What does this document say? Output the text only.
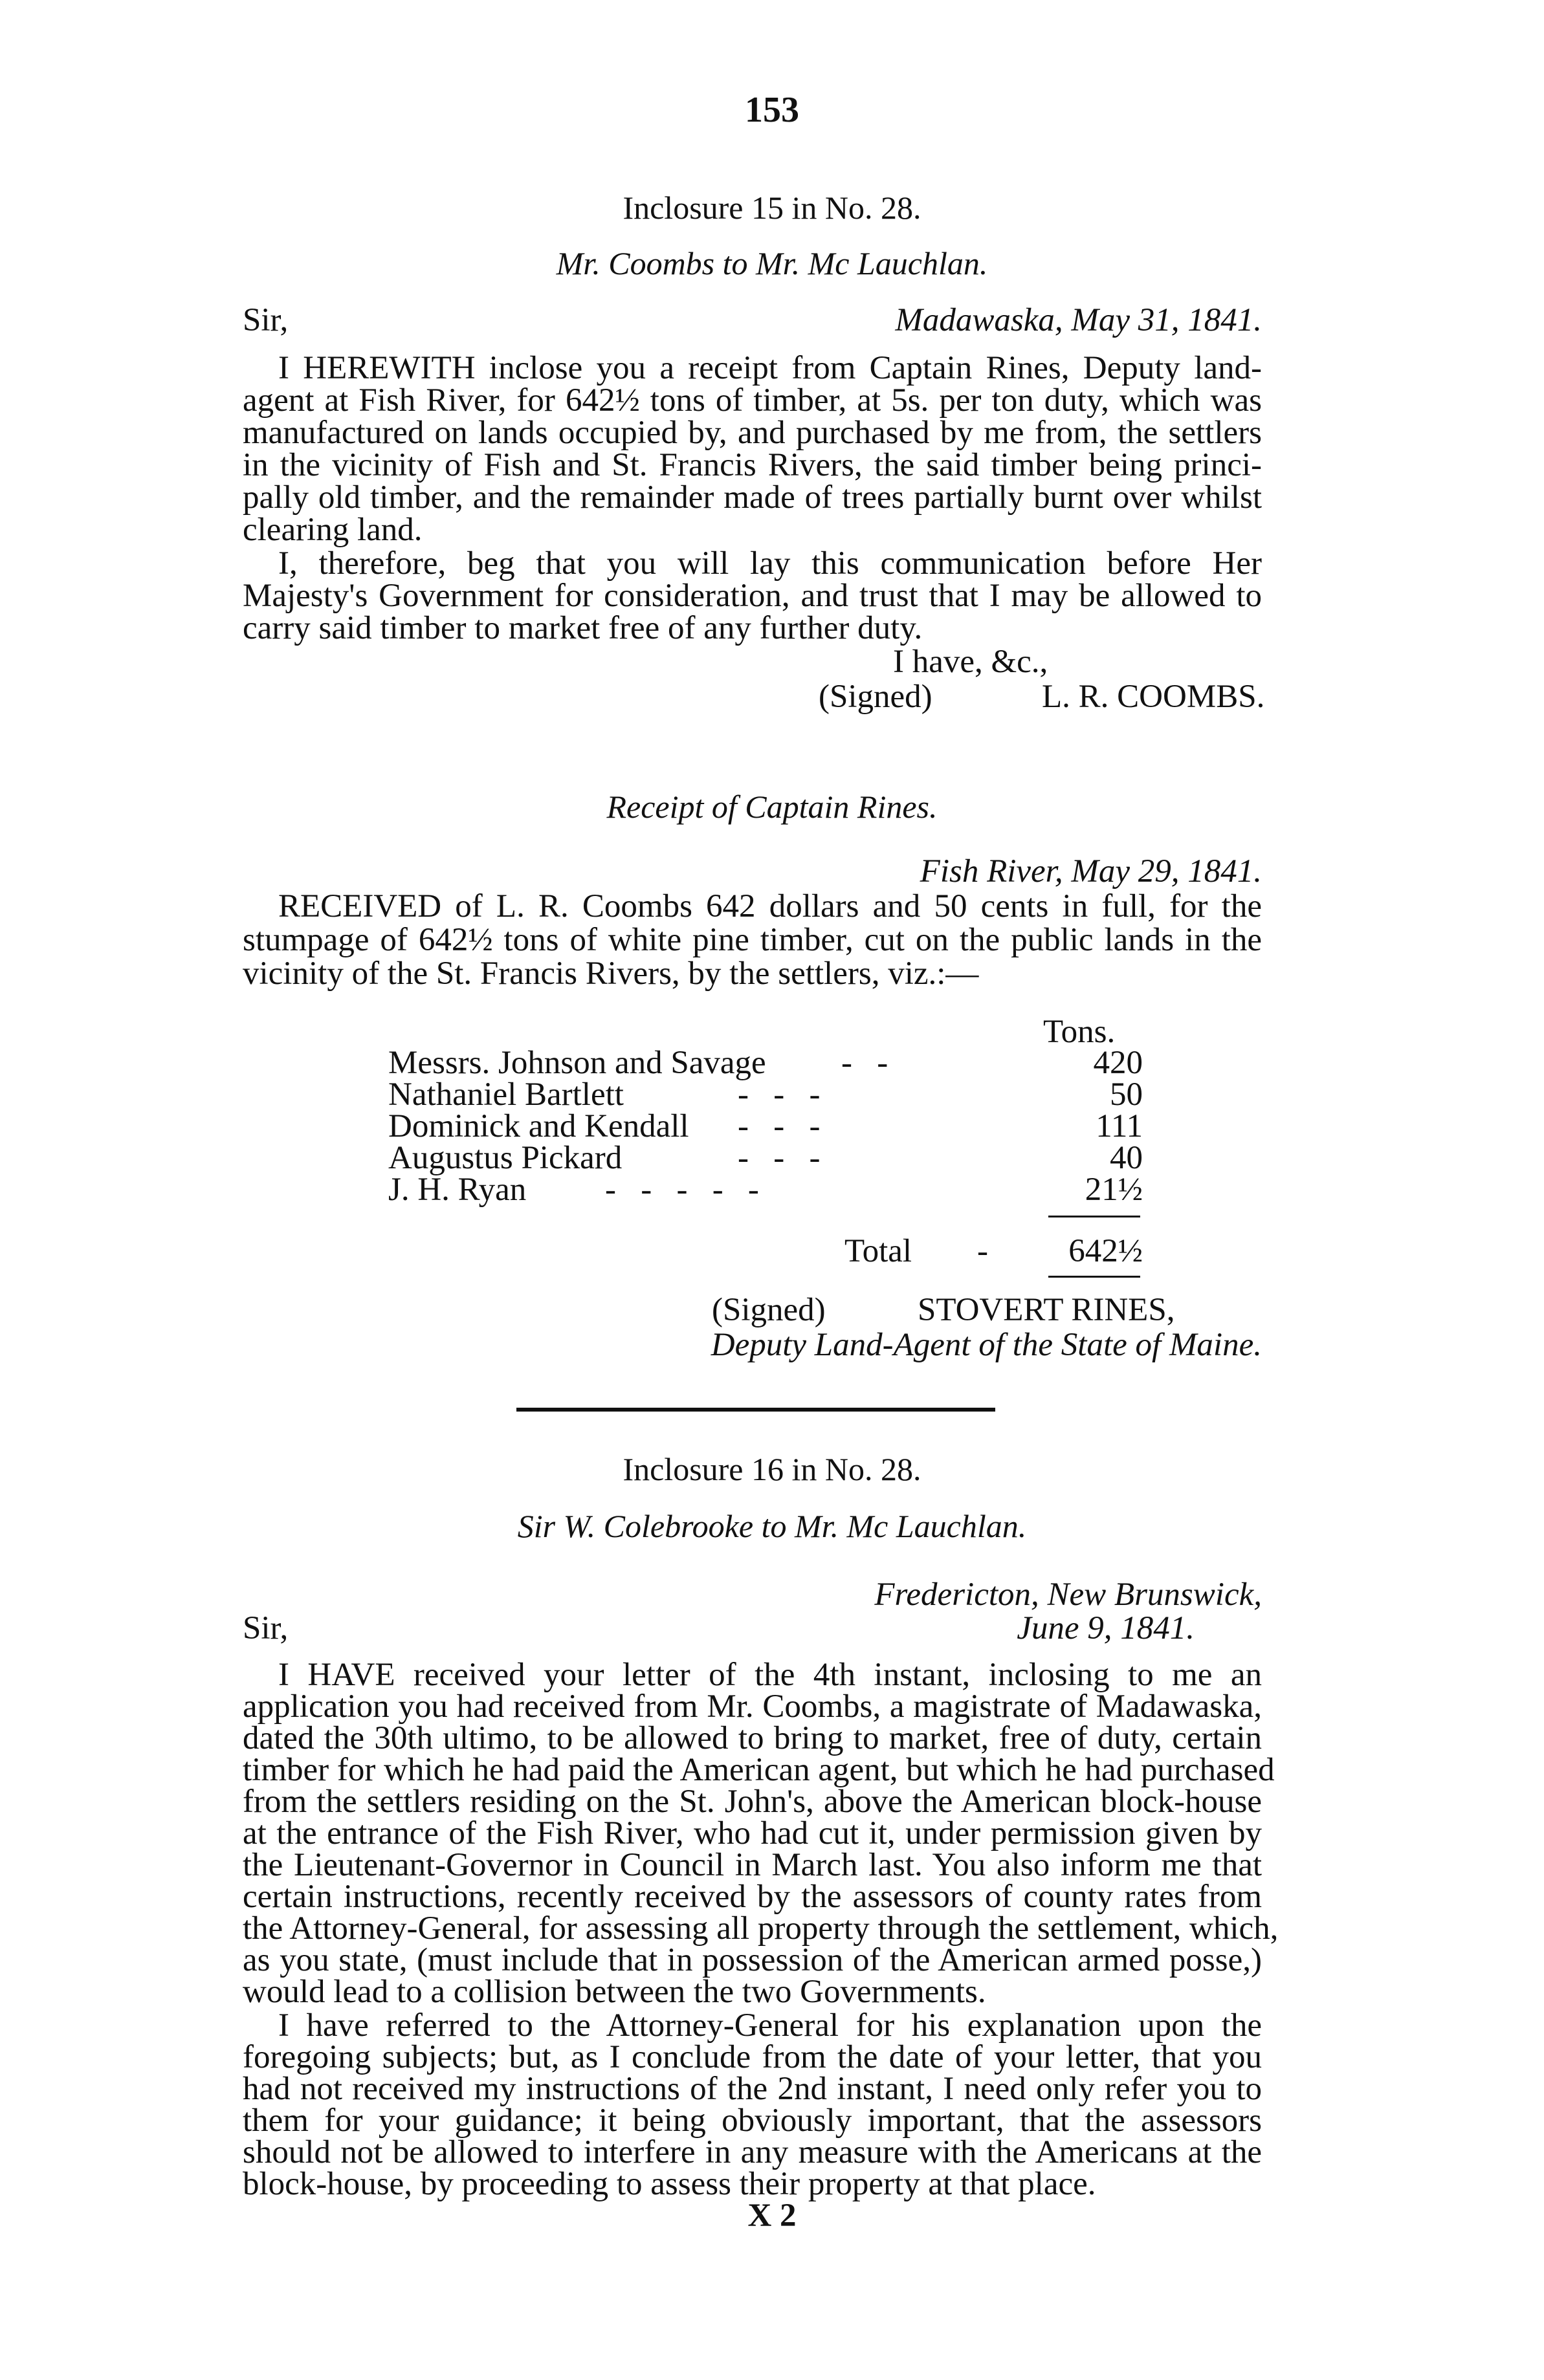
153
Inclosure 15 in No. 28.
Mr. Coombs to Mr. Mc Lauchlan.
Sir,	Madawaska, May 31, 1841.
I HEREWITH inclose you a receipt from Captain Rines, Deputy land-
agent at Fish River, for 642½ tons of timber, at 5s. per ton duty, which was
manufactured on lands occupied by, and purchased by me from, the settlers
in the vicinity of Fish and St. Francis Rivers, the said timber being princi-
pally old timber, and the remainder made of trees partially burnt over whilst
clearing land.
I, therefore, beg that you will lay this communication before Her
Majesty's Government for consideration, and trust that I may be allowed to
carry said timber to market free of any further duty.
I have, &c.,
(Signed)	L. R. COOMBS.
Receipt of Captain Rines.
Fish River, May 29, 1841.
RECEIVED of L. R. Coombs 642 dollars and 50 cents in full, for the
stumpage of 642½ tons of white pine timber, cut on the public lands in the
vicinity of the St. Francis Rivers, by the settlers, viz.:—
Tons.
Messrs. Johnson and Savage -   -	420
Nathaniel Bartlett	-   -   -	50
Dominick and Kendall -   -   -	111
Augustus Pickard	-   -   -	40
J. H. Ryan -   -   -   -   -	21½
Total - 642½
(Signed)	STOVERT RINES,
Deputy Land-Agent of the State of Maine.
Inclosure 16 in No. 28.
Sir W. Colebrooke to Mr. Mc Lauchlan.
Fredericton, New Brunswick,
Sir,	June 9, 1841.
I HAVE received your letter of the 4th instant, inclosing to me an
application you had received from Mr. Coombs, a magistrate of Madawaska,
dated the 30th ultimo, to be allowed to bring to market, free of duty, certain
timber for which he had paid the American agent, but which he had purchased
from the settlers residing on the St. John's, above the American block-house
at the entrance of the Fish River, who had cut it, under permission given by
the Lieutenant-Governor in Council in March last. You also inform me that
certain instructions, recently received by the assessors of county rates from
the Attorney-General, for assessing all property through the settlement, which,
as you state, (must include that in possession of the American armed posse,)
would lead to a collision between the two Governments.
I have referred to the Attorney-General for his explanation upon the
foregoing subjects; but, as I conclude from the date of your letter, that you
had not received my instructions of the 2nd instant, I need only refer you to
them for your guidance; it being obviously important, that the assessors
should not be allowed to interfere in any measure with the Americans at the
block-house, by proceeding to assess their property at that place.
X 2
